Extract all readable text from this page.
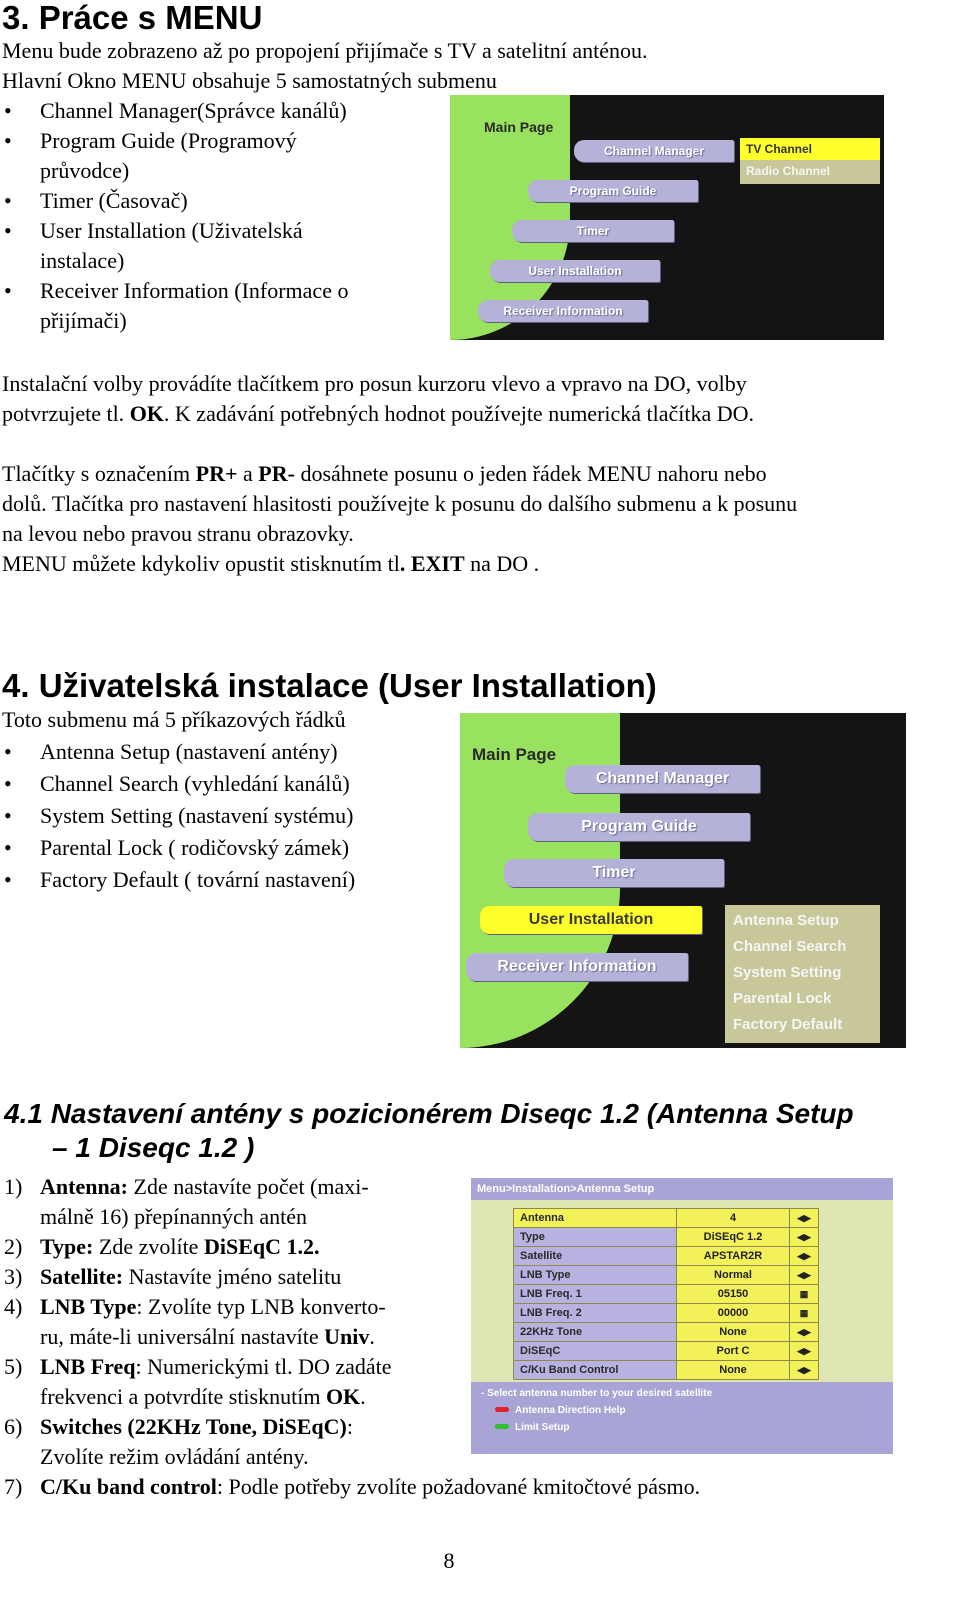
3. Práce s MENU
Menu bude zobrazeno až po propojení přijímače s TV a satelitní anténou.
Hlavní Okno MENU obsahuje 5 samostatných submenu
• Channel Manager(Správce kanálů)
• Program Guide (Programový
průvodce)
• Timer (Časovač)
• User Installation (Uživatelská
instalace)
• Receiver Information (Informace o
přijímači)
Main Page
Channel Manager
Program Guide
Timer
User Installation
Receiver Information
TV Channel
Radio Channel
Instalační volby provádíte tlačítkem pro posun kurzoru vlevo a vpravo na DO, volby
potvrzujete tl. OK. K zadávání potřebných hodnot používejte numerická tlačítka DO.
Tlačítky s označením PR+ a PR- dosáhnete posunu o jeden řádek MENU nahoru nebo
dolů. Tlačítka pro nastavení hlasitosti používejte k posunu do dalšího submenu a k posunu
na levou nebo pravou stranu obrazovky.
MENU můžete kdykoliv opustit stisknutím tl. EXIT na DO .
4. Uživatelská instalace (User Installation)
Toto submenu má 5 příkazových řádků
• Antenna Setup (nastavení antény)
• Channel Search (vyhledání kanálů)
• System Setting (nastavení systému)
• Parental Lock ( rodičovský zámek)
• Factory Default ( tovární nastavení)
Main Page
Channel Manager
Program Guide
Timer
User Installation
Receiver Information
Antenna Setup
Channel Search
System Setting
Parental Lock
Factory Default
4.1 Nastavení antény s pozicionérem Diseqc 1.2 (Antenna Setup
– 1 Diseqc 1.2 )
1) Antenna: Zde nastavíte počet (maxi-
málně 16) přepínanných antén
2) Type: Zde zvolíte DiSEqC 1.2.
3) Satellite: Nastavíte jméno satelitu
4) LNB Type: Zvolíte typ LNB konverto-
ru, máte-li universální nastavíte Univ.
5) LNB Freq: Numerickými tl. DO zadáte
frekvenci a potvrdíte stisknutím OK.
6) Switches (22KHz Tone, DiSEqC):
Zvolíte režim ovládání antény.
7) C/Ku band control: Podle potřeby zvolíte požadované kmitočtové pásmo.
Menu>Installation>Antenna Setup
Antenna	4	◀▶
Type	DiSEqC 1.2	◀▶
Satellite	APSTAR2R	◀▶
LNB Type	Normal	◀▶
LNB Freq. 1	05150	▦
LNB Freq. 2	00000	▦
22KHz Tone	None	◀▶
DiSEqC	Port C	◀▶
C/Ku Band Control	None	◀▶
- Select antenna number to your desired satellite
Antenna Direction Help
Limit Setup
8
